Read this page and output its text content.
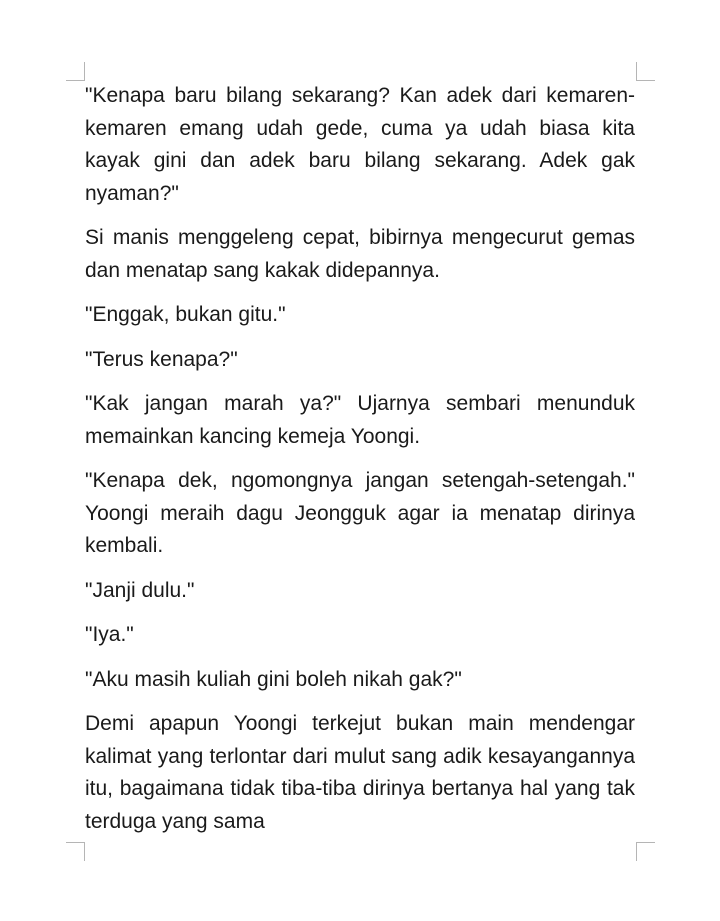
"Kenapa baru bilang sekarang? Kan adek dari kemaren-kemaren emang udah gede, cuma ya udah biasa kita kayak gini dan adek baru bilang sekarang. Adek gak nyaman?"

Si manis menggeleng cepat, bibirnya mengecurut gemas dan menatap sang kakak didepannya.

"Enggak, bukan gitu."

"Terus kenapa?"

"Kak jangan marah ya?" Ujarnya sembari menunduk memainkan kancing kemeja Yoongi.

"Kenapa dek, ngomongnya jangan setengah-setengah." Yoongi meraih dagu Jeongguk agar ia menatap dirinya kembali.

"Janji dulu."

"Iya."

"Aku masih kuliah gini boleh nikah gak?"

Demi apapun Yoongi terkejut bukan main mendengar kalimat yang terlontar dari mulut sang adik kesayangannya itu, bagaimana tidak tiba-tiba dirinya bertanya hal yang tak terduga yang sama
